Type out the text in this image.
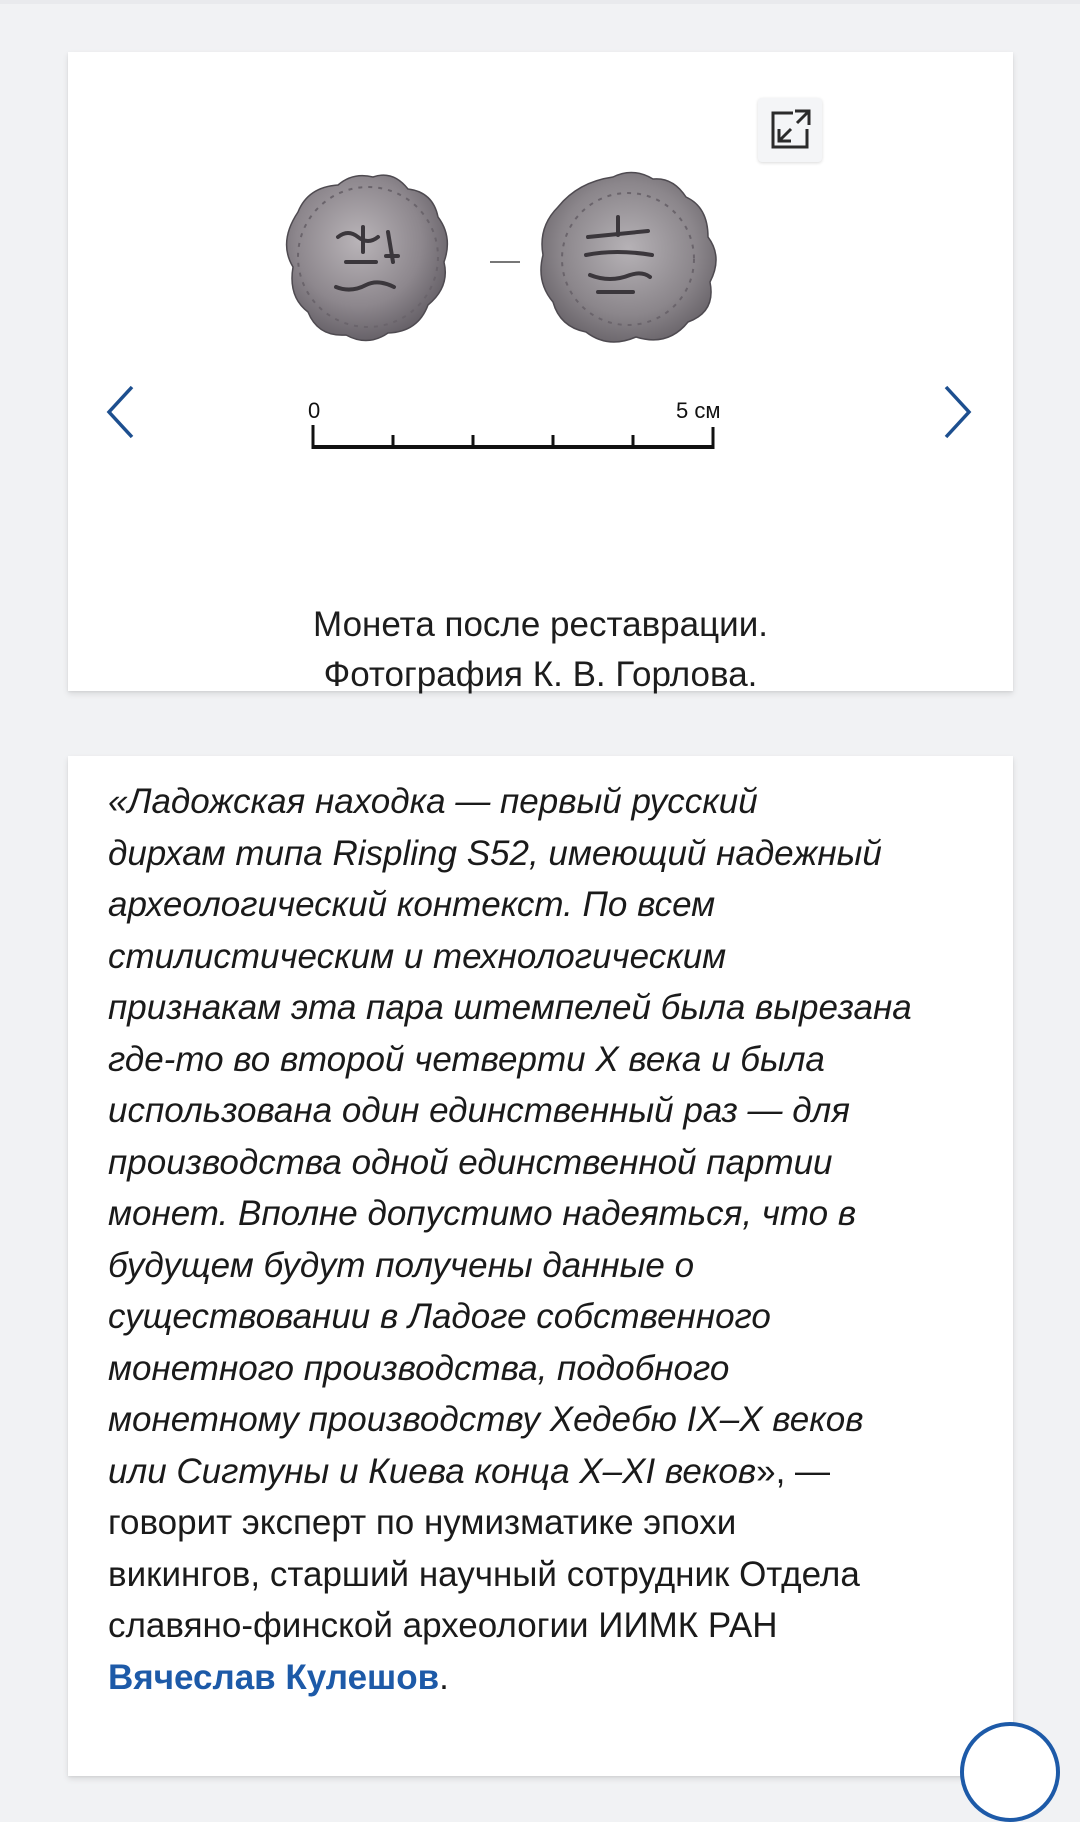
0	5 см
Монета после реставрации.
Фотография К. В. Горлова.
«Ладожская находка — первый русский
дирхам типа Rispling S52, имеющий надежный
археологический контекст. По всем
стилистическим и технологическим
признакам эта пара штемпелей была вырезана
где-то во второй четверти X века и была
использована один единственный раз — для
производства одной единственной партии
монет. Вполне допустимо надеяться, что в
будущем будут получены данные о
существовании в Ладоге собственного
монетного производства, подобного
монетному производству Хедебю IX–X веков
или Сигтуны и Киева конца X–XI веков», —
говорит эксперт по нумизматике эпохи
викингов, старший научный сотрудник Отдела
славяно-финской археологии ИИМК РАН
Вячеслав Кулешов.
